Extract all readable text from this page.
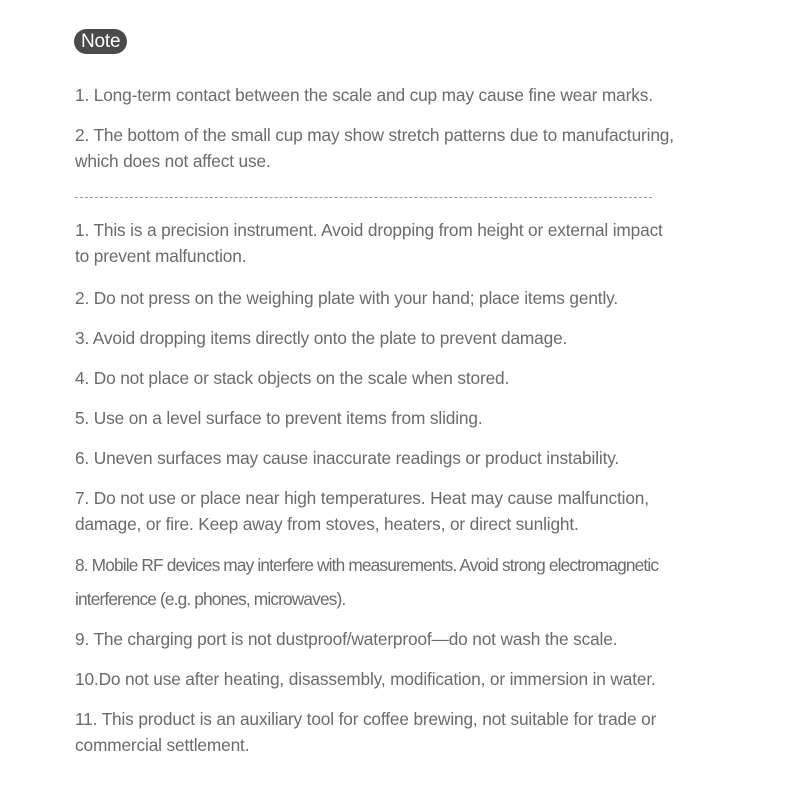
Note
1. Long-term contact between the scale and cup may cause fine wear marks.
2. The bottom of the small cup may show stretch patterns due to manufacturing,
which does not affect use.
1. This is a precision instrument. Avoid dropping from height or external impact
to prevent malfunction.
2. Do not press on the weighing plate with your hand; place items gently.
3. Avoid dropping items directly onto the plate to prevent damage.
4. Do not place or stack objects on the scale when stored.
5. Use on a level surface to prevent items from sliding.
6. Uneven surfaces may cause inaccurate readings or product instability.
7. Do not use or place near high temperatures. Heat may cause malfunction,
damage, or fire. Keep away from stoves, heaters, or direct sunlight.
8. Mobile RF devices may interfere with measurements. Avoid strong electromagnetic
interference (e.g. phones, microwaves).
9. The charging port is not dustproof/waterproof—do not wash the scale.
10.Do not use after heating, disassembly, modification, or immersion in water.
11. This product is an auxiliary tool for coffee brewing, not suitable for trade or
commercial settlement.
